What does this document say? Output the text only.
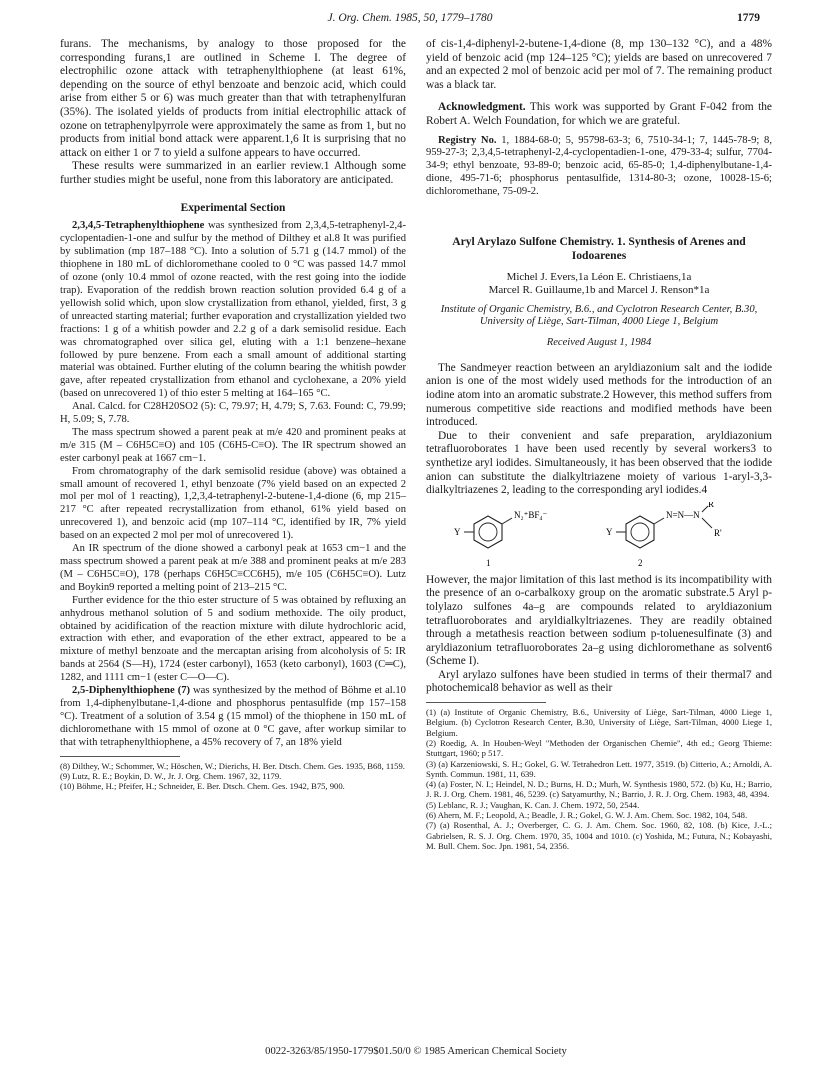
J. Org. Chem. 1985, 50, 1779–1780	1779

furans. The mechanisms, by analogy to those proposed for the corresponding furans,1 are outlined in Scheme I. The degree of electrophilic ozone attack with tetraphenylthiophene (at least 61%, depending on the source of ethyl benzoate and benzoic acid, which could arise from either 5 or 6) was much greater than that with tetraphenylfuran (35%). The isolated yields of products from initial electrophilic attack of ozone on tetraphenylpyrrole were approximately the same as from 1, but no products from initial bond attack were apparent.1,6 It is surprising that no attack on either 1 or 7 to yield a sulfone appears to have occurred.

These results were summarized in an earlier review.1 Although some further studies might be useful, none from this laboratory are anticipated.

Experimental Section

2,3,4,5-Tetraphenylthiophene was synthesized from 2,3,4,5-tetraphenyl-2,4-cyclopentadien-1-one and sulfur by the method of Dilthey et al.8 It was purified by sublimation (mp 187–188 °C). Into a solution of 5.71 g (14.7 mmol) of the thiophene in 180 mL of dichloromethane cooled to 0 °C was passed 14.7 mmol of ozone (only 10.4 mmol of ozone reacted, with the rest going into the iodide trap). Evaporation of the reddish brown reaction solution provided 6.4 g of a yellowish solid which, upon slow crystallization from ethanol, yielded, first, 3 g of unreacted starting material; further evaporation and crystallization yielded two fractions: 1 g of a whitish powder and 2.2 g of a dark semisolid residue. Each was chromatographed over silica gel, eluting with a 1:1 benzene–hexane followed by pure benzene. From each a small amount of additional starting material was obtained. Further eluting of the column bearing the whitish powder gave, after repeated crystallization from ethanol and cyclohexane, a 20% yield (based on unrecovered 1) of thio ester 5 melting at 164–165 °C.

Anal. Calcd. for C28H20SO2 (5): C, 79.97; H, 4.79; S, 7.63. Found: C, 79.99; H, 5.09; S, 7.78.

The mass spectrum showed a parent peak at m/e 420 and prominent peaks at m/e 315 (M – C6H5C≡O) and 105 (C6H5-C≡O). The IR spectrum showed an ester carbonyl peak at 1667 cm−1.

From chromatography of the dark semisolid residue (above) was obtained a small amount of recovered 1, ethyl benzoate (7% yield based on an expected 2 mol per mol of 1 reacting), 1,2,3,4-tetraphenyl-2-butene-1,4-dione (6, mp 215–217 °C after repeated recrystallization from ethanol, 61% yield based on unrecovered 1), and benzoic acid (mp 107–114 °C, identified by IR, 7% yield based on an expected 2 mol per mol of unrecovered 1).

An IR spectrum of the dione showed a carbonyl peak at 1653 cm−1 and the mass spectrum showed a parent peak at m/e 388 and prominent peaks at m/e 283 (M – C6H5C≡O), 178 (perhaps C6H5C≡CC6H5), m/e 105 (C6H5C≡O). Lutz and Boykin9 reported a melting point of 213–215 °C.

Further evidence for the thio ester structure of 5 was obtained by refluxing an anhydrous methanol solution of 5 and sodium methoxide. The oily product, obtained by acidification of the reaction mixture with dilute hydrochloric acid, extraction with ether, and evaporation of the ether extract, appeared to be a mixture of methyl benzoate and the mercaptan arising from alcoholysis of 5: IR bands at 2564 (S—H), 1724 (ester carbonyl), 1653 (keto carbonyl), 1603 (C═C), 1282, and 1111 cm−1 (ester C—O—C).

2,5-Diphenylthiophene (7) was synthesized by the method of Böhme et al.10 from 1,4-diphenylbutane-1,4-dione and phosphorus pentasulfide (mp 157–158 °C). Treatment of a solution of 3.54 g (15 mmol) of the thiophene in 150 mL of dichloromethane with 15 mmol of ozone at 0 °C gave, after workup similar to that with tetraphenylthiophene, a 45% recovery of 7, an 18% yield

(8) Dilthey, W.; Schommer, W.; Höschen, W.; Dierichs, H. Ber. Dtsch. Chem. Ges. 1935, B68, 1159.

(9) Lutz, R. E.; Boykin, D. W., Jr. J. Org. Chem. 1967, 32, 1179.

(10) Böhme, H.; Pfeifer, H.; Schneider, E. Ber. Dtsch. Chem. Ges. 1942, B75, 900.

of cis-1,4-diphenyl-2-butene-1,4-dione (8, mp 130–132 °C), and a 48% yield of benzoic acid (mp 124–125 °C); yields are based on unrecovered 7 and an expected 2 mol of benzoic acid per mol of 7. The remaining product was a black tar.

Acknowledgment. This work was supported by Grant F-042 from the Robert A. Welch Foundation, for which we are grateful.

Registry No. 1, 1884-68-0; 5, 95798-63-3; 6, 7510-34-1; 7, 1445-78-9; 8, 959-27-3; 2,3,4,5-tetraphenyl-2,4-cyclopentadien-1-one, 479-33-4; sulfur, 7704-34-9; ethyl benzoate, 93-89-0; benzoic acid, 65-85-0; 1,4-diphenylbutane-1,4-dione, 495-71-6; phosphorus pentasulfide, 1314-80-3; ozone, 10028-15-6; dichloromethane, 75-09-2.

Aryl Arylazo Sulfone Chemistry. 1. Synthesis of Arenes and Iodoarenes
Michel J. Evers,1a Léon E. Christiaens,1a
Marcel R. Guillaume,1b and Marcel J. Renson*1a
Institute of Organic Chemistry, B.6., and Cyclotron Research Center, B.30, University of Liège, Sart-Tilman, 4000 Liege 1, Belgium
Received August 1, 1984

The Sandmeyer reaction between an aryldiazonium salt and the iodide anion is one of the most widely used methods for the introduction of an iodine atom into an aromatic substrate.2 However, this method suffers from numerous competitive side reactions and modified methods have been introduced.

Due to their convenient and safe preparation, aryldiazonium tetrafluoroborates 1 have been used recently by several workers3 to synthetize aryl iodides. Simultaneously, it has been observed that the iodide anion can substitute the dialkyltriazene moiety of various 1-aryl-3,3-dialkyltriazenes 2, leading to the corresponding aryl iodides.4

Y
N₂⁺BF₄⁻
1
Y
N=N—N
R
R'
2

However, the major limitation of this last method is its incompatibility with the presence of an o-carbalkoxy group on the aromatic substrate.5 Aryl p-tolylazo sulfones 4a–g are compounds related to aryldiazonium tetrafluoroborates and aryldialkyltriazenes. They are readily obtained through a metathesis reaction between sodium p-toluenesulfinate (3) and aryldiazonium tetrafluoroborates 2a–g using dichloromethane as solvent6 (Scheme I).

Aryl arylazo sulfones have been studied in terms of their thermal7 and photochemical8 behavior as well as their

(1) (a) Institute of Organic Chemistry, B.6., University of Liège, Sart-Tilman, 4000 Liege 1, Belgium. (b) Cyclotron Research Center, B.30, University of Liège, Sart-Tilman, 4000 Liege 1, Belgium.

(2) Roedig, A. In Houben-Weyl "Methoden der Organischen Chemie", 4th ed.; Georg Thieme: Stuttgart, 1960; p 517.

(3) (a) Karzeniowski, S. H.; Gokel, G. W. Tetrahedron Lett. 1977, 3519. (b) Citterio, A.; Arnoldi, A. Synth. Commun. 1981, 11, 639.

(4) (a) Foster, N. I.; Heindel, N. D.; Burns, H. D.; Murh, W. Synthesis 1980, 572. (b) Ku, H.; Barrio, J. R. J. Org. Chem. 1981, 46, 5239. (c) Satyamurthy, N.; Barrio, J. R. J. Org. Chem. 1983, 48, 4394.

(5) Leblanc, R. J.; Vaughan, K. Can. J. Chem. 1972, 50, 2544.

(6) Ahern, M. F.; Leopold, A.; Beadle, J. R.; Gokel, G. W. J. Am. Chem. Soc. 1982, 104, 548.

(7) (a) Rosenthal, A. J.; Overberger, C. G. J. Am. Chem. Soc. 1960, 82, 108. (b) Kice, J.-L.; Gabrielsen, R. S. J. Org. Chem. 1970, 35, 1004 and 1010. (c) Yoshida, M.; Futura, N.; Kobayashi, M. Bull. Chem. Soc. Jpn. 1981, 54, 2356.

0022-3263/85/1950-1779$01.50/0 © 1985 American Chemical Society
